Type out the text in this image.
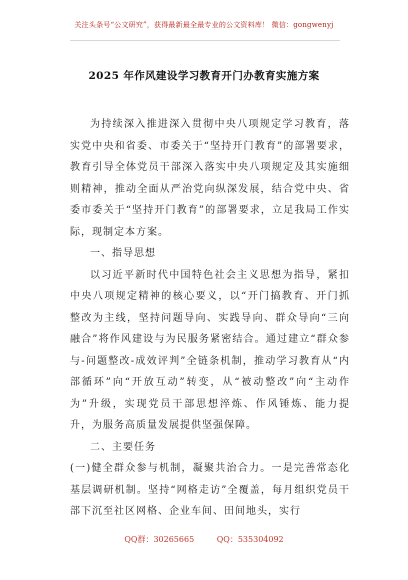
关注头条号“公文研究”，获得最新最全最专业的公文资料库！ 微信：gongwenyj
2025 年作风建设学习教育开门办教育实施方案

为持续深入推进深入贯彻中央八项规定学习教育，落实党中央和省委、市委关于“坚持开门教育”的部署要求，教育引导全体党员干部深入落实中央八项规定及其实施细则精神，推动全面从严治党向纵深发展，结合党中央、省委市委关于“坚持开门教育”的部署要求，立足我局工作实际，现制定本方案。

一、指导思想

以习近平新时代中国特色社会主义思想为指导，紧扣中央八项规定精神的核心要义，以“开门搞教育、开门抓整改为主线，坚持问题导向、实践导向、群众导向“三向融合”将作风建设与为民服务紧密结合。通过建立“群众参与-问题整改-成效评判”全链条机制，推动学习教育从“内部循环”向“开放互动”转变，从“被动整改”向“主动作为”升级，实现党员干部思想淬炼、作风锤炼、能力提升，为服务高质量发展提供坚强保障。

二、主要任务

(一)健全群众参与机制，凝聚共治合力。一是完善常态化基层调研机制。坚持“网格走访”全覆盖，每月组织党员干部下沉至社区网格、企业车间、田间地头，实行

QQ群：30265665	QQ：535304092
